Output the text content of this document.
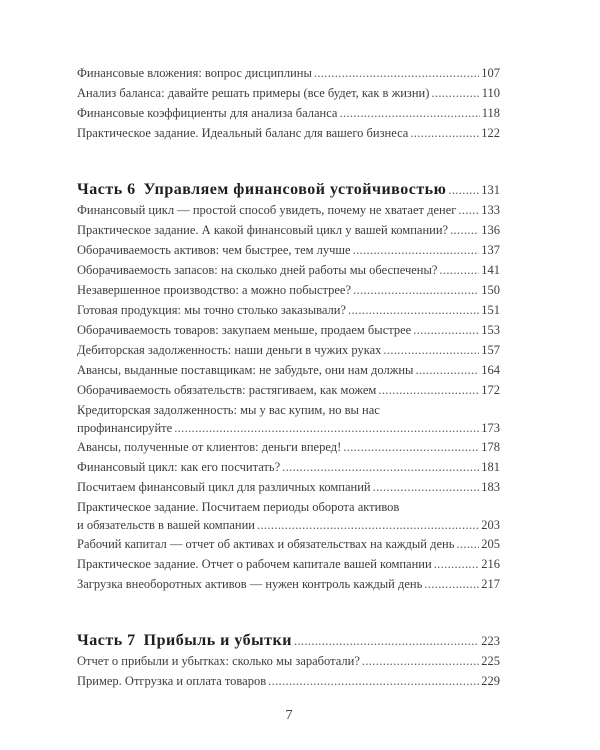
Финансовые вложения: вопрос дисциплины .....	107
Анализ баланса: давайте решать примеры (все будет, как в жизни) .....	110
Финансовые коэффициенты для анализа баланса .....	118
Практическое задание. Идеальный баланс для вашего бизнеса .....	122
Часть 6 Управляем финансовой устойчивостью .....	131
Финансовый цикл — простой способ увидеть, почему не хватает денег ..... 133
Практическое задание. А какой финансовый цикл у вашей компании? .....	136
Оборачиваемость активов: чем быстрее, тем лучше .....	137
Оборачиваемость запасов: на сколько дней работы мы обеспечены? .....	141
Незавершенное производство: а можно побыстрее? .....	150
Готовая продукция: мы точно столько заказывали? .....	151
Оборачиваемость товаров: закупаем меньше, продаем быстрее .....	153
Дебиторская задолженность: наши деньги в чужих руках .....	157
Авансы, выданные поставщикам: не забудьте, они нам должны .....	164
Оборачиваемость обязательств: растягиваем, как можем .....	172
Кредиторская задолженность: мы у вас купим, но вы нас
профинансируйте .....	173
Авансы, полученные от клиентов: деньги вперед! .....	178
Финансовый цикл: как его посчитать? .....	181
Посчитаем финансовый цикл для различных компаний .....	183
Практическое задание. Посчитаем периоды оборота активов
и обязательств в вашей компании .....	203
Рабочий капитал — отчет об активах и обязательствах на каждый день ..... 205
Практическое задание. Отчет о рабочем капитале вашей компании .....	216
Загрузка внеоборотных активов — нужен контроль каждый день .....	217
Часть 7 Прибыль и убытки .....	223
Отчет о прибыли и убытках: сколько мы заработали? .....	225
Пример. Отгрузка и оплата товаров .....	229
7
